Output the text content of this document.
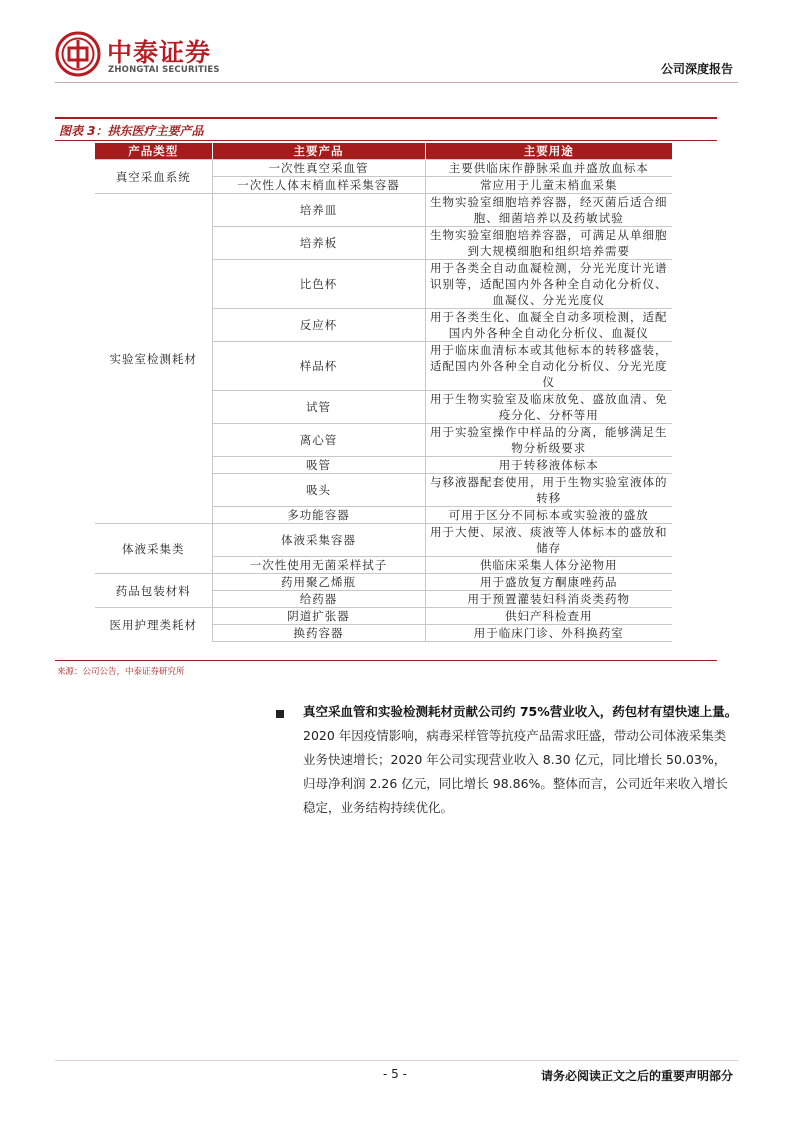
中泰证券
ZHONGTAI SECURITIES	公司深度报告
图表 3：拱东医疗主要产品
产品类型	主要产品	主要用途
真空采血系统	一次性真空采血管	主要供临床作静脉采血并盛放血标本
	一次性人体末梢血样采集容器	常应用于儿童末梢血采集
实验室检测耗材	培养皿	生物实验室细胞培养容器，经灭菌后适合细胞、细菌培养以及药敏试验
	培养板	生物实验室细胞培养容器，可满足从单细胞到大规模细胞和组织培养需要
	比色杯	用于各类全自动血凝检测，分光光度计光谱识别等，适配国内外各种全自动化分析仪、血凝仪、分光光度仪
	反应杯	用于各类生化、血凝全自动多项检测，适配国内外各种全自动化分析仪、血凝仪
	样品杯	用于临床血清标本或其他标本的转移盛装，适配国内外各种全自动化分析仪、分光光度仪
	试管	用于生物实验室及临床放免、盛放血清、免疫分化、分杯等用
	离心管	用于实验室操作中样品的分离，能够满足生物分析级要求
	吸管	用于转移液体标本
	吸头	与移液器配套使用，用于生物实验室液体的转移
	多功能容器	可用于区分不同标本或实验液的盛放
体液采集类	体液采集容器	用于大便、尿液、痰液等人体标本的盛放和储存
	一次性使用无菌采样拭子	供临床采集人体分泌物用
药品包装材料	药用聚乙烯瓶	用于盛放复方酮康唑药品
	给药器	用于预置灌装妇科消炎类药物
医用护理类耗材	阴道扩张器	供妇产科检查用
	换药容器	用于临床门诊、外科换药室
来源：公司公告，中泰证券研究所
真空采血管和实验检测耗材贡献公司约 75%营业收入，药包材有望快速上量。2020 年因疫情影响，病毒采样管等抗疫产品需求旺盛，带动公司体液采集类业务快速增长；2020 年公司实现营业收入 8.30 亿元，同比增长 50.03%，归母净利润 2.26 亿元，同比增长 98.86%。整体而言，公司近年来收入增长稳定，业务结构持续优化。
- 5 -	请务必阅读正文之后的重要声明部分
